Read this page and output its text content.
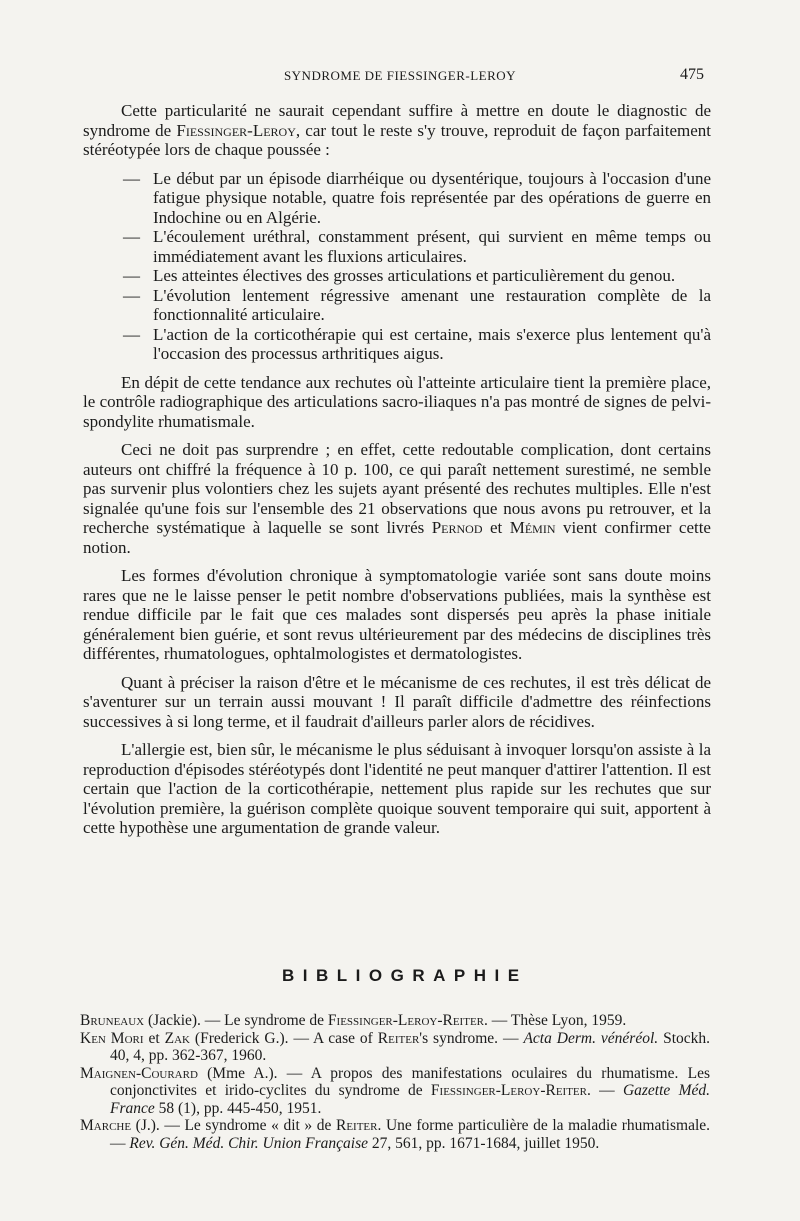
SYNDROME DE FIESSINGER-LEROY	475

Cette particularité ne saurait cependant suffire à mettre en doute le diagnostic de syndrome de Fiessinger-Leroy, car tout le reste s'y trouve, reproduit de façon parfaitement stéréotypée lors de chaque poussée :

— Le début par un épisode diarrhéique ou dysentérique, toujours à l'occasion d'une fatigue physique notable, quatre fois représentée par des opérations de guerre en Indochine ou en Algérie.
— L'écoulement uréthral, constamment présent, qui survient en même temps ou immédiatement avant les fluxions articulaires.
— Les atteintes électives des grosses articulations et particulièrement du genou.
— L'évolution lentement régressive amenant une restauration complète de la fonctionnalité articulaire.
— L'action de la corticothérapie qui est certaine, mais s'exerce plus lentement qu'à l'occasion des processus arthritiques aigus.

En dépit de cette tendance aux rechutes où l'atteinte articulaire tient la première place, le contrôle radiographique des articulations sacro-iliaques n'a pas montré de signes de pelvi-spondylite rhumatismale.

Ceci ne doit pas surprendre ; en effet, cette redoutable complication, dont certains auteurs ont chiffré la fréquence à 10 p. 100, ce qui paraît nettement surestimé, ne semble pas survenir plus volontiers chez les sujets ayant présenté des rechutes multiples. Elle n'est signalée qu'une fois sur l'ensemble des 21 observations que nous avons pu retrouver, et la recherche systématique à laquelle se sont livrés Pernod et Mémin vient confirmer cette notion.

Les formes d'évolution chronique à symptomatologie variée sont sans doute moins rares que ne le laisse penser le petit nombre d'observations publiées, mais la synthèse est rendue difficile par le fait que ces malades sont dispersés peu après la phase initiale généralement bien guérie, et sont revus ultérieurement par des médecins de disciplines très différentes, rhumatologues, ophtalmologistes et dermatologistes.

Quant à préciser la raison d'être et le mécanisme de ces rechutes, il est très délicat de s'aventurer sur un terrain aussi mouvant ! Il paraît difficile d'admettre des réinfections successives à si long terme, et il faudrait d'ailleurs parler alors de récidives.

L'allergie est, bien sûr, le mécanisme le plus séduisant à invoquer lorsqu'on assiste à la reproduction d'épisodes stéréotypés dont l'identité ne peut manquer d'attirer l'attention. Il est certain que l'action de la corticothérapie, nettement plus rapide sur les rechutes que sur l'évolution première, la guérison complète quoique souvent temporaire qui suit, apportent à cette hypothèse une argumentation de grande valeur.

BIBLIOGRAPHIE

Bruneaux (Jackie). — Le syndrome de Fiessinger-Leroy-Reiter. — Thèse Lyon, 1959.

Ken Mori et Zak (Frederick G.). — A case of Reiter's syndrome. — Acta Derm. vénéréol. Stockh. 40, 4, pp. 362-367, 1960.

Maignen-Courard (Mme A.). — A propos des manifestations oculaires du rhumatisme. Les conjonctivites et irido-cyclites du syndrome de Fiessinger-Leroy-Reiter. — Gazette Méd. France 58 (1), pp. 445-450, 1951.

Marche (J.). — Le syndrome « dit » de Reiter. Une forme particulière de la maladie rhumatismale. — Rev. Gén. Méd. Chir. Union Française 27, 561, pp. 1671-1684, juillet 1950.
